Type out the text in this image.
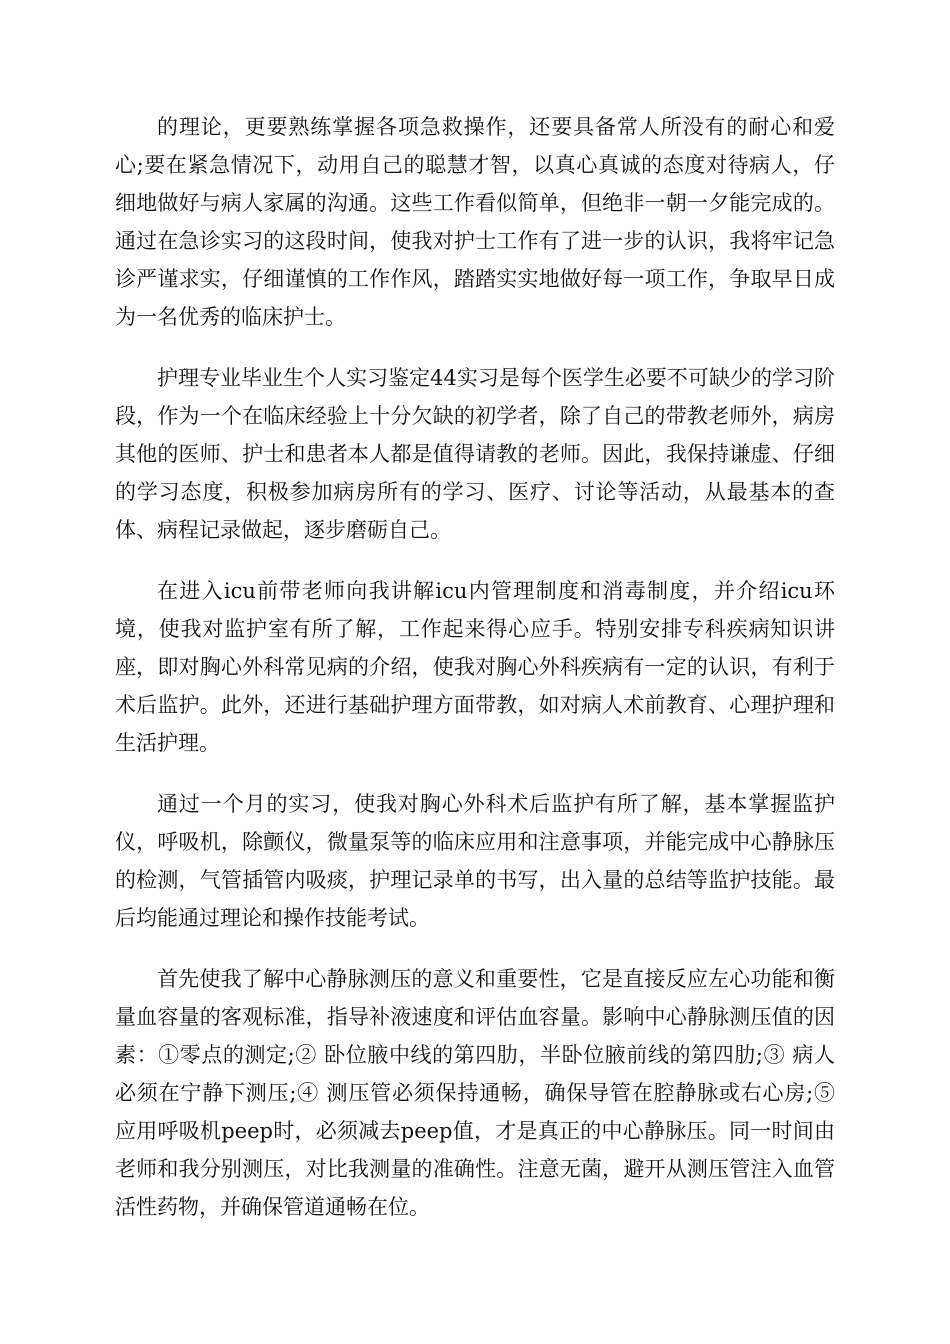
的理论，更要熟练掌握各项急救操作，还要具备常人所没有的耐心和爱心;要在紧急情况下，动用自己的聪慧才智，以真心真诚的态度对待病人，仔细地做好与病人家属的沟通。这些工作看似简单，但绝非一朝一夕能完成的。通过在急诊实习的这段时间，使我对护士工作有了进一步的认识，我将牢记急诊严谨求实，仔细谨慎的工作作风，踏踏实实地做好每一项工作，争取早日成为一名优秀的临床护士。

护理专业毕业生个人实习鉴定44实习是每个医学生必要不可缺少的学习阶段，作为一个在临床经验上十分欠缺的初学者，除了自己的带教老师外，病房其他的医师、护士和患者本人都是值得请教的老师。因此，我保持谦虚、仔细的学习态度，积极参加病房所有的学习、医疗、讨论等活动，从最基本的查体、病程记录做起，逐步磨砺自己。

在进入icu前带老师向我讲解icu内管理制度和消毒制度，并介绍icu环境，使我对监护室有所了解，工作起来得心应手。特别安排专科疾病知识讲座，即对胸心外科常见病的介绍，使我对胸心外科疾病有一定的认识，有利于术后监护。此外，还进行基础护理方面带教，如对病人术前教育、心理护理和生活护理。

通过一个月的实习，使我对胸心外科术后监护有所了解，基本掌握监护仪，呼吸机，除颤仪，微量泵等的临床应用和注意事项，并能完成中心静脉压的检测，气管插管内吸痰，护理记录单的书写，出入量的总结等监护技能。最后均能通过理论和操作技能考试。

首先使我了解中心静脉测压的意义和重要性，它是直接反应左心功能和衡量血容量的客观标准，指导补液速度和评估血容量。影响中心静脉测压值的因素：①零点的测定;② 卧位腋中线的第四肋，半卧位腋前线的第四肋;③ 病人必须在宁静下测压;④ 测压管必须保持通畅，确保导管在腔静脉或右心房;⑤ 应用呼吸机peep时，必须减去peep值，才是真正的中心静脉压。同一时间由老师和我分别测压，对比我测量的准确性。注意无菌，避开从测压管注入血管活性药物，并确保管道通畅在位。
